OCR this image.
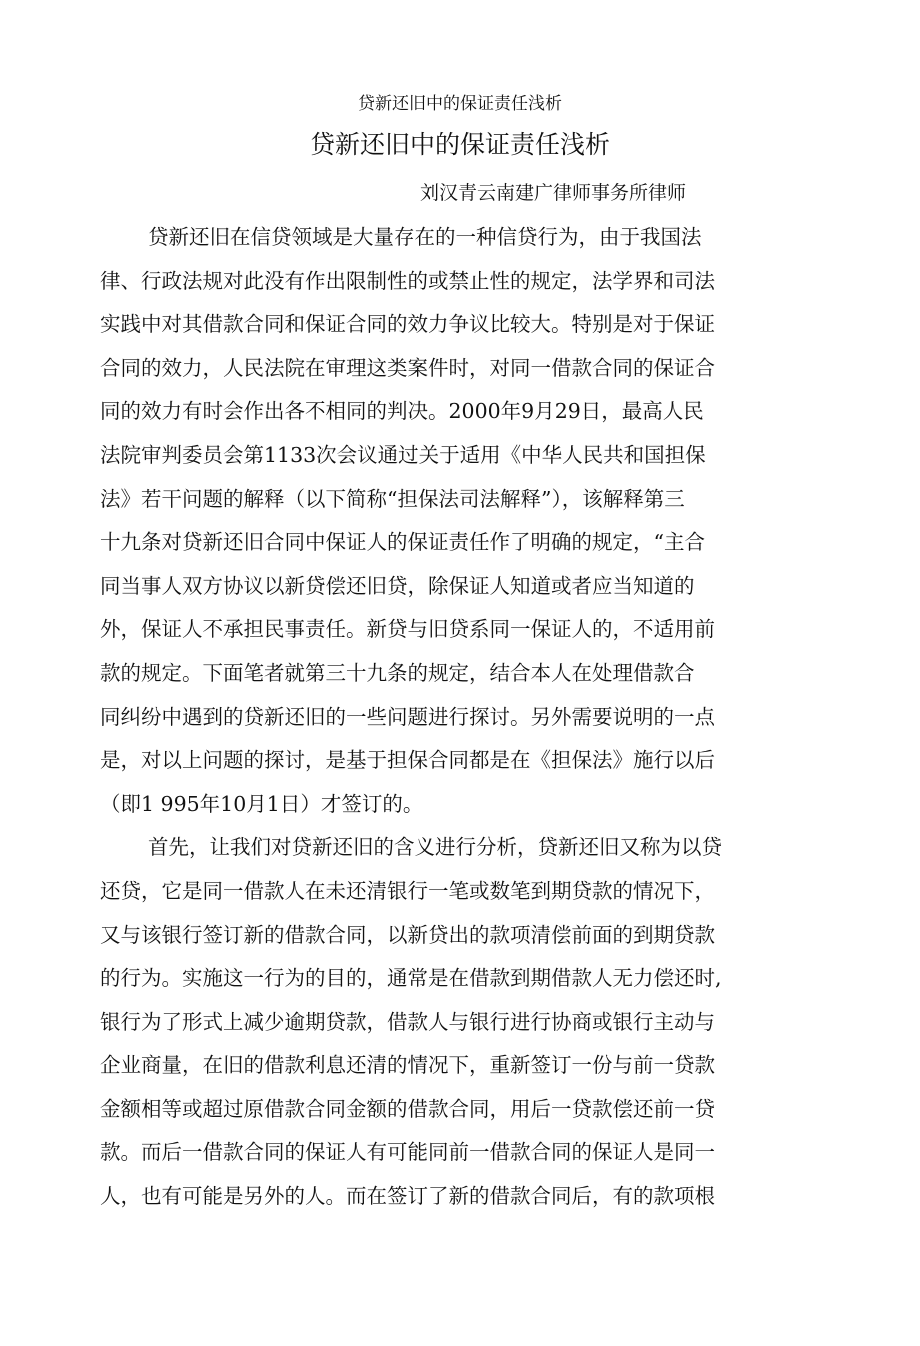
贷新还旧中的保证责任浅析
贷新还旧中的保证责任浅析
刘汉青云南建广律师事务所律师
贷新还旧在信贷领域是大量存在的一种信贷行为，由于我国法
律、行政法规对此没有作出限制性的或禁止性的规定，法学界和司法
实践中对其借款合同和保证合同的效力争议比较大。特别是对于保证
合同的效力，人民法院在审理这类案件时，对同一借款合同的保证合
同的效力有时会作出各不相同的判决。2000年9月29日，最高人民
法院审判委员会第1133次会议通过关于适用《中华人民共和国担保
法》若干问题的解释（以下简称“担保法司法解释”），该解释第三
十九条对贷新还旧合同中保证人的保证责任作了明确的规定，“主合
同当事人双方协议以新贷偿还旧贷，除保证人知道或者应当知道的
外，保证人不承担民事责任。新贷与旧贷系同一保证人的，不适用前
款的规定。下面笔者就第三十九条的规定，结合本人在处理借款合
同纠纷中遇到的贷新还旧的一些问题进行探讨。另外需要说明的一点
是，对以上问题的探讨，是基于担保合同都是在《担保法》施行以后
（即1 995年10月1日）才签订的。
首先，让我们对贷新还旧的含义进行分析，贷新还旧又称为以贷
还贷，它是同一借款人在未还清银行一笔或数笔到期贷款的情况下，
又与该银行签订新的借款合同，以新贷出的款项清偿前面的到期贷款
的行为。实施这一行为的目的，通常是在借款到期借款人无力偿还时,
银行为了形式上减少逾期贷款，借款人与银行进行协商或银行主动与
企业商量，在旧的借款利息还清的情况下，重新签订一份与前一贷款
金额相等或超过原借款合同金额的借款合同，用后一贷款偿还前一贷
款。而后一借款合同的保证人有可能同前一借款合同的保证人是同一
人，也有可能是另外的人。而在签订了新的借款合同后，有的款项根
